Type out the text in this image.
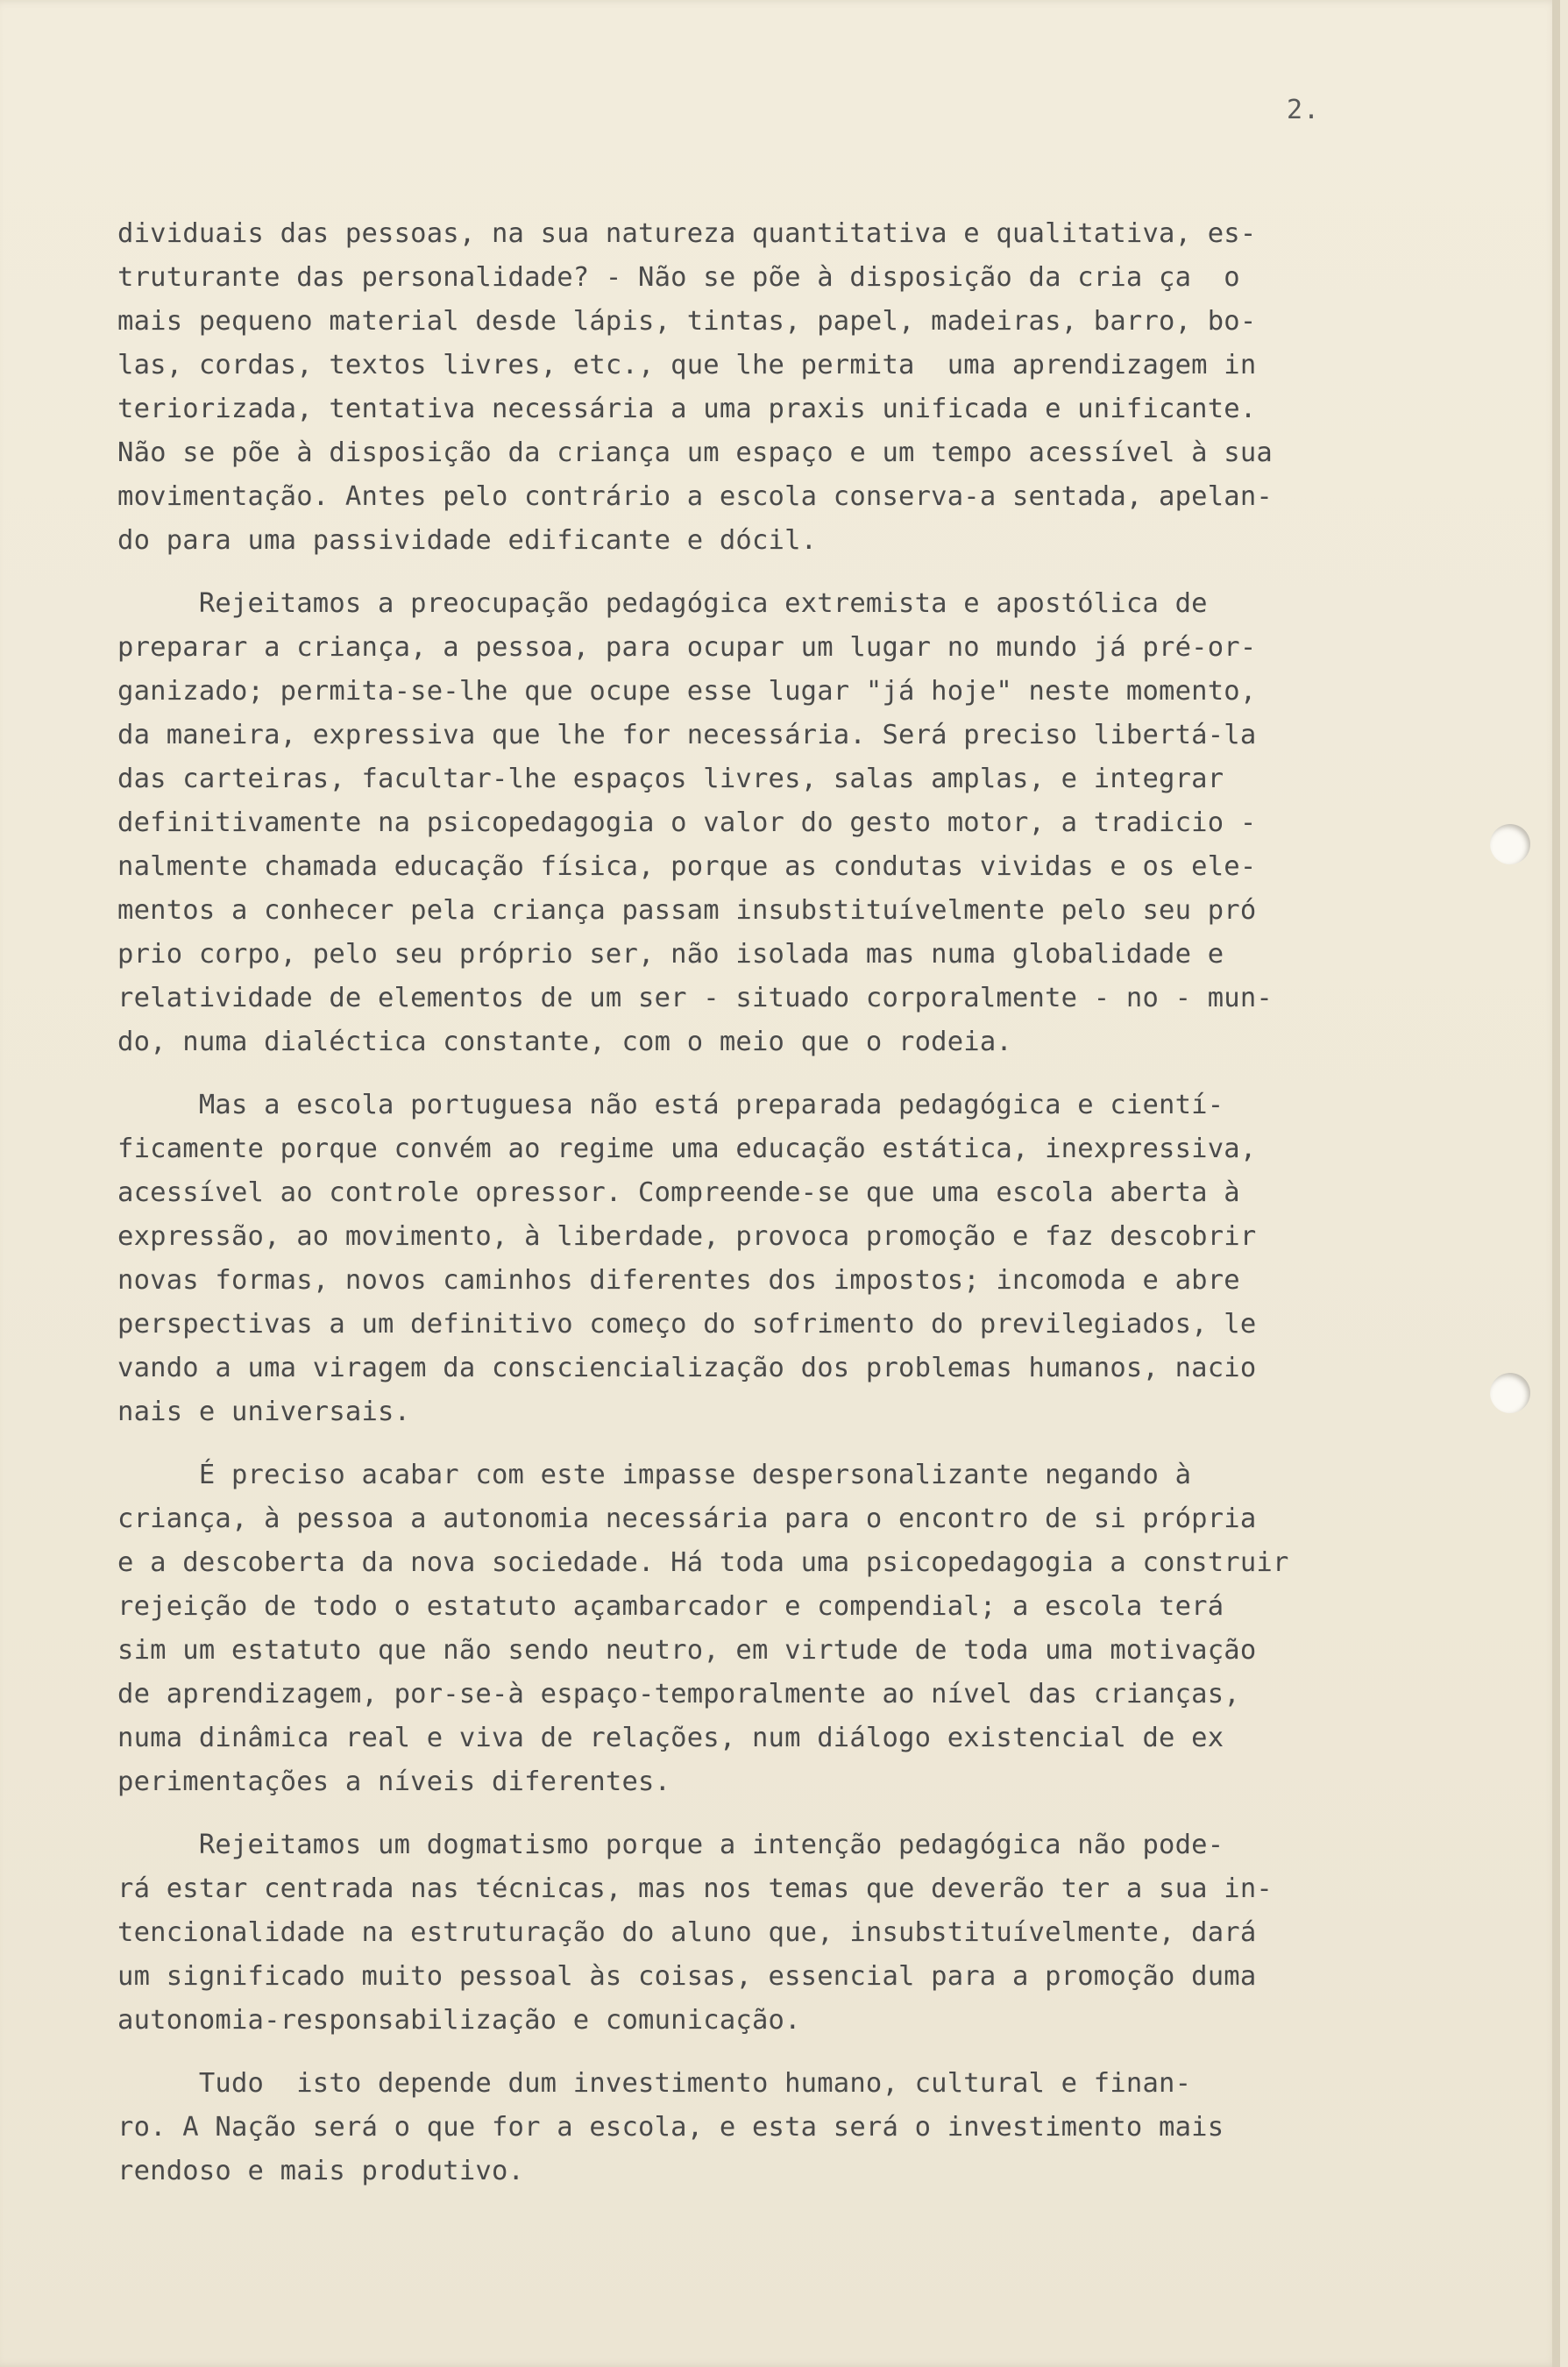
2.
dividuais das pessoas, na sua natureza quantitativa e qualitativa, es-
truturante das personalidade? - Não se põe à disposição da cria ça  o
mais pequeno material desde lápis, tintas, papel, madeiras, barro, bo-
las, cordas, textos livres, etc., que lhe permita  uma aprendizagem in
teriorizada, tentativa necessária a uma praxis unificada e unificante.
Não se põe à disposição da criança um espaço e um tempo acessível à sua
movimentação. Antes pelo contrário a escola conserva-a sentada, apelan-
do para uma passividade edificante e dócil.
Rejeitamos a preocupação pedagógica extremista e apostólica de
preparar a criança, a pessoa, para ocupar um lugar no mundo já pré-or-
ganizado; permita-se-lhe que ocupe esse lugar "já hoje" neste momento,
da maneira, expressiva que lhe for necessária. Será preciso libertá-la
das carteiras, facultar-lhe espaços livres, salas amplas, e integrar
definitivamente na psicopedagogia o valor do gesto motor, a tradicio -
nalmente chamada educação física, porque as condutas vividas e os ele-
mentos a conhecer pela criança passam insubstituívelmente pelo seu pró
prio corpo, pelo seu próprio ser, não isolada mas numa globalidade e
relatividade de elementos de um ser - situado corporalmente - no - mun-
do, numa dialéctica constante, com o meio que o rodeia.
Mas a escola portuguesa não está preparada pedagógica e cientí-
ficamente porque convém ao regime uma educação estática, inexpressiva,
acessível ao controle opressor. Compreende-se que uma escola aberta à
expressão, ao movimento, à liberdade, provoca promoção e faz descobrir
novas formas, novos caminhos diferentes dos impostos; incomoda e abre
perspectivas a um definitivo começo do sofrimento do previlegiados, le
vando a uma viragem da consciencialização dos problemas humanos, nacio
nais e universais.
É preciso acabar com este impasse despersonalizante negando à
criança, à pessoa a autonomia necessária para o encontro de si própria
e a descoberta da nova sociedade. Há toda uma psicopedagogia a construir
rejeição de todo o estatuto açambarcador e compendial; a escola terá
sim um estatuto que não sendo neutro, em virtude de toda uma motivação
de aprendizagem, por-se-à espaço-temporalmente ao nível das crianças,
numa dinâmica real e viva de relações, num diálogo existencial de ex
perimentações a níveis diferentes.
Rejeitamos um dogmatismo porque a intenção pedagógica não pode-
rá estar centrada nas técnicas, mas nos temas que deverão ter a sua in-
tencionalidade na estruturação do aluno que, insubstituívelmente, dará
um significado muito pessoal às coisas, essencial para a promoção duma
autonomia-responsabilização e comunicação.
Tudo  isto depende dum investimento humano, cultural e finan-
ro. A Nação será o que for a escola, e esta será o investimento mais
rendoso e mais produtivo.
